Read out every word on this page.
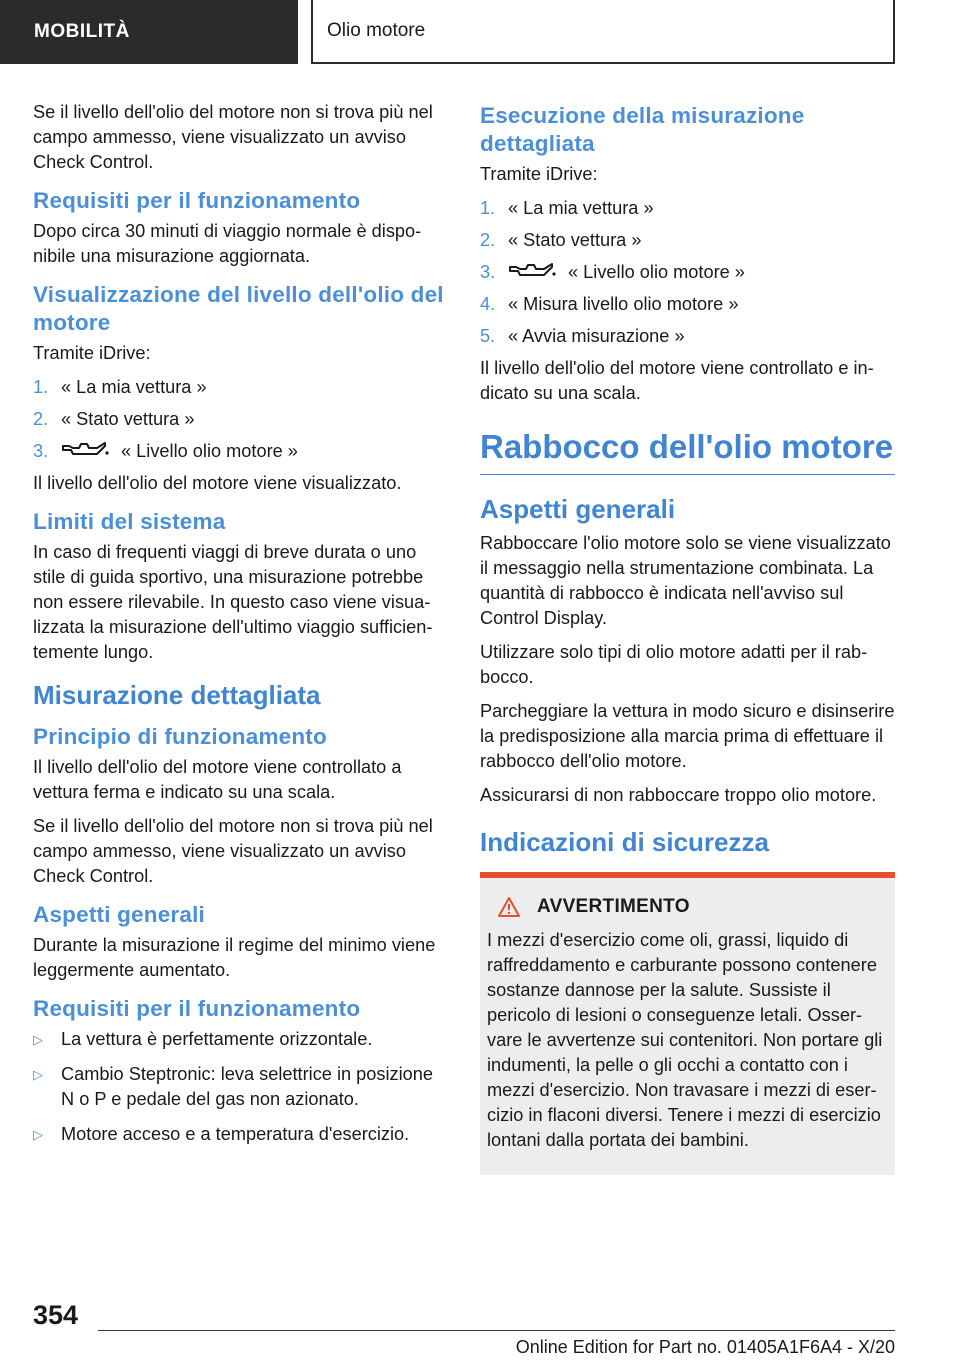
MOBILITÀ	Olio motore

Se il livello dell'olio del motore non si trova più nel campo ammesso, viene visualizzato un avviso Check Control.

Requisiti per il funzionamento

Dopo circa 30 minuti di viaggio normale è disponibile una misurazione aggiornata.

Visualizzazione del livello dell'olio del motore

Tramite iDrive:

1. « La mia vettura »
2. « Stato vettura »
3.	« Livello olio motore »

Il livello dell'olio del motore viene visualizzato.

Limiti del sistema

In caso di frequenti viaggi di breve durata o uno stile di guida sportivo, una misurazione potrebbe non essere rilevabile. In questo caso viene visualizzata la misurazione dell'ultimo viaggio sufficientemente lungo.

Misurazione dettagliata
Principio di funzionamento

Il livello dell'olio del motore viene controllato a vettura ferma e indicato su una scala.

Se il livello dell'olio del motore non si trova più nel campo ammesso, viene visualizzato un avviso Check Control.

Aspetti generali

Durante la misurazione il regime del minimo viene leggermente aumentato.

Requisiti per il funzionamento
▷ La vettura è perfettamente orizzontale.
▷ Cambio Steptronic: leva selettrice in posizione N o P e pedale del gas non azionato.
▷ Motore acceso e a temperatura d'esercizio.
Esecuzione della misurazione dettagliata

Tramite iDrive:

1. « La mia vettura »
2. « Stato vettura »
3.	« Livello olio motore »
4. « Misura livello olio motore »
5. « Avvia misurazione »

Il livello dell'olio del motore viene controllato e indicato su una scala.

Rabbocco dell'olio motore
Aspetti generali

Rabboccare l'olio motore solo se viene visualizzato il messaggio nella strumentazione combinata. La quantità di rabbocco è indicata nell'avviso sul Control Display.

Utilizzare solo tipi di olio motore adatti per il rabbocco.

Parcheggiare la vettura in modo sicuro e disinserire la predisposizione alla marcia prima di effettuare il rabbocco dell'olio motore.

Assicurarsi di non rabboccare troppo olio motore.

Indicazioni di sicurezza
AVVERTIMENTO

I mezzi d'esercizio come oli, grassi, liquido di raffreddamento e carburante possono contenere sostanze dannose per la salute. Sussiste il pericolo di lesioni o conseguenze letali. Osservare le avvertenze sui contenitori. Non portare gli indumenti, la pelle o gli occhi a contatto con i mezzi d'esercizio. Non travasare i mezzi di esercizio in flaconi diversi. Tenere i mezzi di esercizio lontani dalla portata dei bambini.

354
Online Edition for Part no. 01405A1F6A4 - X/20
